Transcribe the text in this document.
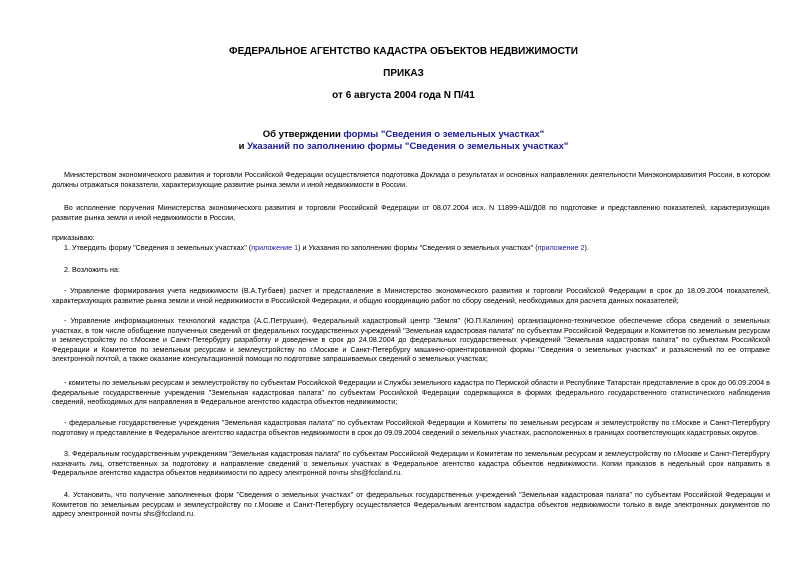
ФЕДЕРАЛЬНОЕ АГЕНТСТВО КАДАСТРА ОБЪЕКТОВ НЕДВИЖИМОСТИ
ПРИКАЗ
от 6 августа 2004 года N П/41
Об утверждении формы "Сведения о земельных участках"
и Указаний по заполнению формы "Сведения о земельных участках"
Министерством экономического развития и торговли Российской Федерации осуществляется подготовка Доклада о результатах и основных направлениях деятельности Минэкономразвития России, в котором должны отражаться показатели, характеризующие развитие рынка земли и иной недвижимости в России.
Во исполнение поручения Министерства экономического развития и торговли Российской Федерации от 08.07.2004 исх. N 11899-АШ/Д08 по подготовке и представлению показателей, характеризующих развитие рынка земли и иной недвижимости в России,
приказываю:
1. Утвердить форму "Сведения о земельных участках" (приложение 1) и Указания по заполнению формы "Сведения о земельных участках" (приложение 2).
2. Возложить на:
- Управление формирования учета недвижимости (В.А.Тугбаев) расчет и представление в Министерство экономического развития и торговли Российской Федерации в срок до 18.09.2004 показателей, характеризующих развитие рынка земли и иной недвижимости в Российской Федерации, и общую координацию работ по сбору сведений, необходимых для расчета данных показателей;
- Управление информационных технологий кадастра (А.С.Петрушин), Федеральный кадастровый центр "Земля" (Ю.П.Калинин) организационно-техническое обеспечение сбора сведений о земельных участках, в том числе обобщение полученных сведений от федеральных государственных учреждений "Земельная кадастровая палата" по субъектам Российской Федерации и Комитетов по земельным ресурсам и землеустройству по г.Москве и Санкт-Петербургу разработку и доведение в срок до 24.08.2004 до федеральных государственных учреждений "Земельная кадастровая палата" по субъектам Российской Федерации и Комитетов по земельным ресурсам и землеустройству по г.Москве и Санкт-Петербургу машинно-ориентированной формы "Сведения о земельных участках" и разъяснений по ее отправке электронной почтой, а также оказание консультационной помощи по подготовке запрашиваемых сведений о земельных участках;
- комитеты по земельным ресурсам и землеустройству по субъектам Российской Федерации и Службы земельного кадастра по Пермской области и Республике Татарстан представление в срок до 06.09.2004 в федеральные государственные учреждения "Земельная кадастровая палата" по субъектам Российской Федерации содержащихся в формах федерального государственного статистического наблюдения сведений, необходимых для направления в Федеральное агентство кадастра объектов недвижимости;
- федеральные государственные учреждения "Земельная кадастровая палата" по субъектам Российской Федерации и Комитеты по земельным ресурсам и землеустройству по г.Москве и Санкт-Петербургу подготовку и представление в Федеральное агентство кадастра объектов недвижимости в срок до 09.09.2004 сведений о земельных участках, расположенных в границах соответствующих кадастровых округов.
3. Федеральным государственным учреждениям "Земельная кадастровая палата" по субъектам Российской Федерации и Комитетам по земельным ресурсам и землеустройству по г.Москве и Санкт-Петербургу назначить лиц, ответственных за подготовку и направление сведений о земельных участках в Федеральное агентство кадастра объектов недвижимости. Копии приказов в недельный срок направить в Федеральное агентство кадастра объектов недвижимости по адресу электронной почты shs@fccland.ru.
4. Установить, что получение заполненных форм "Сведения о земельных участках" от федеральных государственных учреждений "Земельная кадастровая палата" по субъектам Российской Федерации и Комитетов по земельным ресурсам и землеустройству по г.Москве и Санкт-Петербургу осуществляется Федеральным агентством кадастра объектов недвижимости только в виде электронных документов по адресу электронной почты shs@fccland.ru.
